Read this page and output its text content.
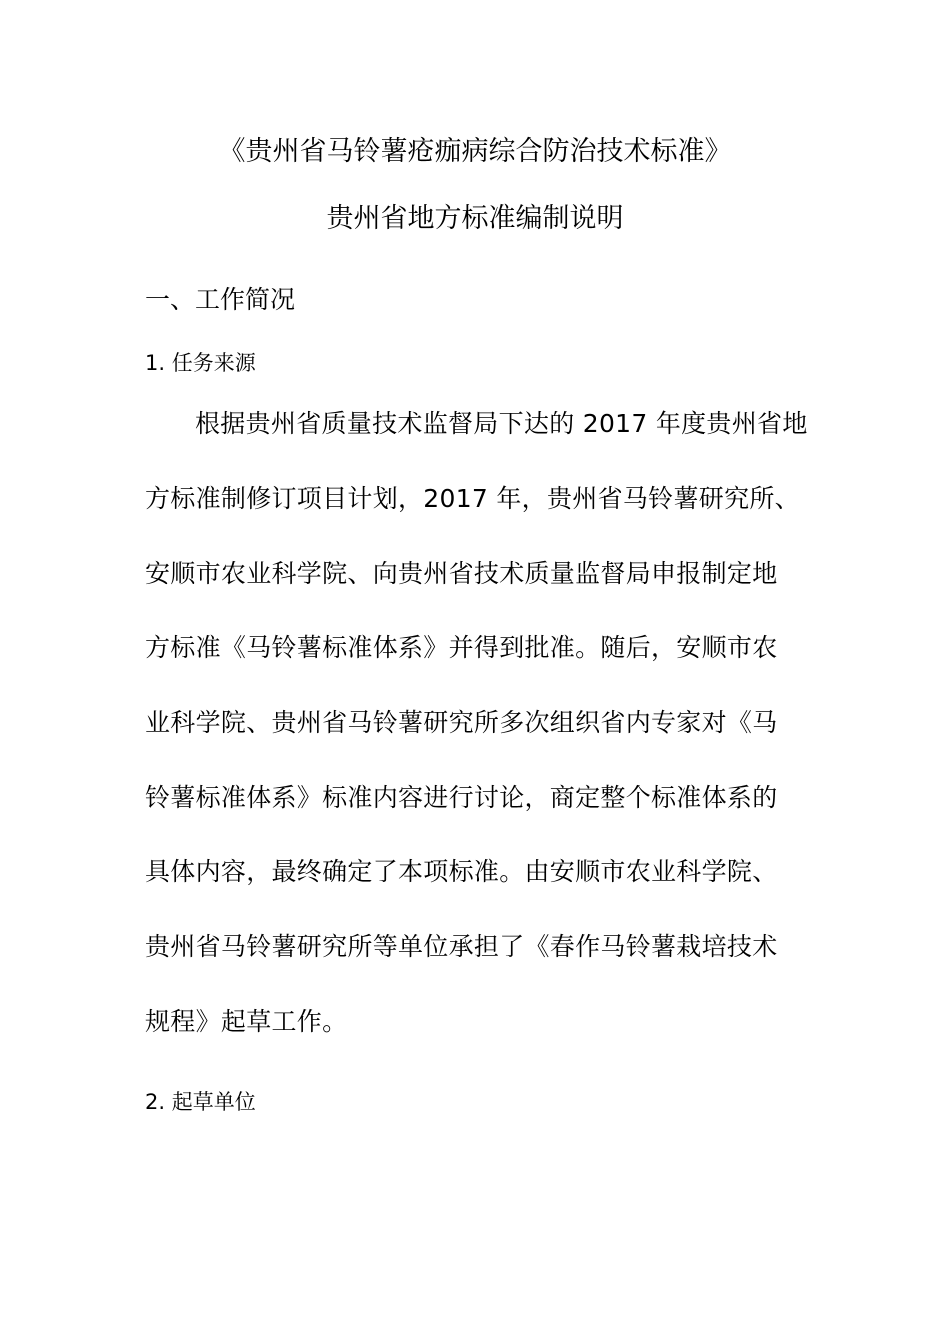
《贵州省马铃薯疮痂病综合防治技术标准》
贵州省地方标准编制说明
一、工作简况
1. 任务来源
根据贵州省质量技术监督局下达的 2017 年度贵州省地
方标准制修订项目计划，2017 年，贵州省马铃薯研究所、
安顺市农业科学院、向贵州省技术质量监督局申报制定地
方标准《马铃薯标准体系》并得到批准。随后，安顺市农
业科学院、贵州省马铃薯研究所多次组织省内专家对《马
铃薯标准体系》标准内容进行讨论，商定整个标准体系的
具体内容，最终确定了本项标准。由安顺市农业科学院、
贵州省马铃薯研究所等单位承担了《春作马铃薯栽培技术
规程》起草工作。
2. 起草单位
